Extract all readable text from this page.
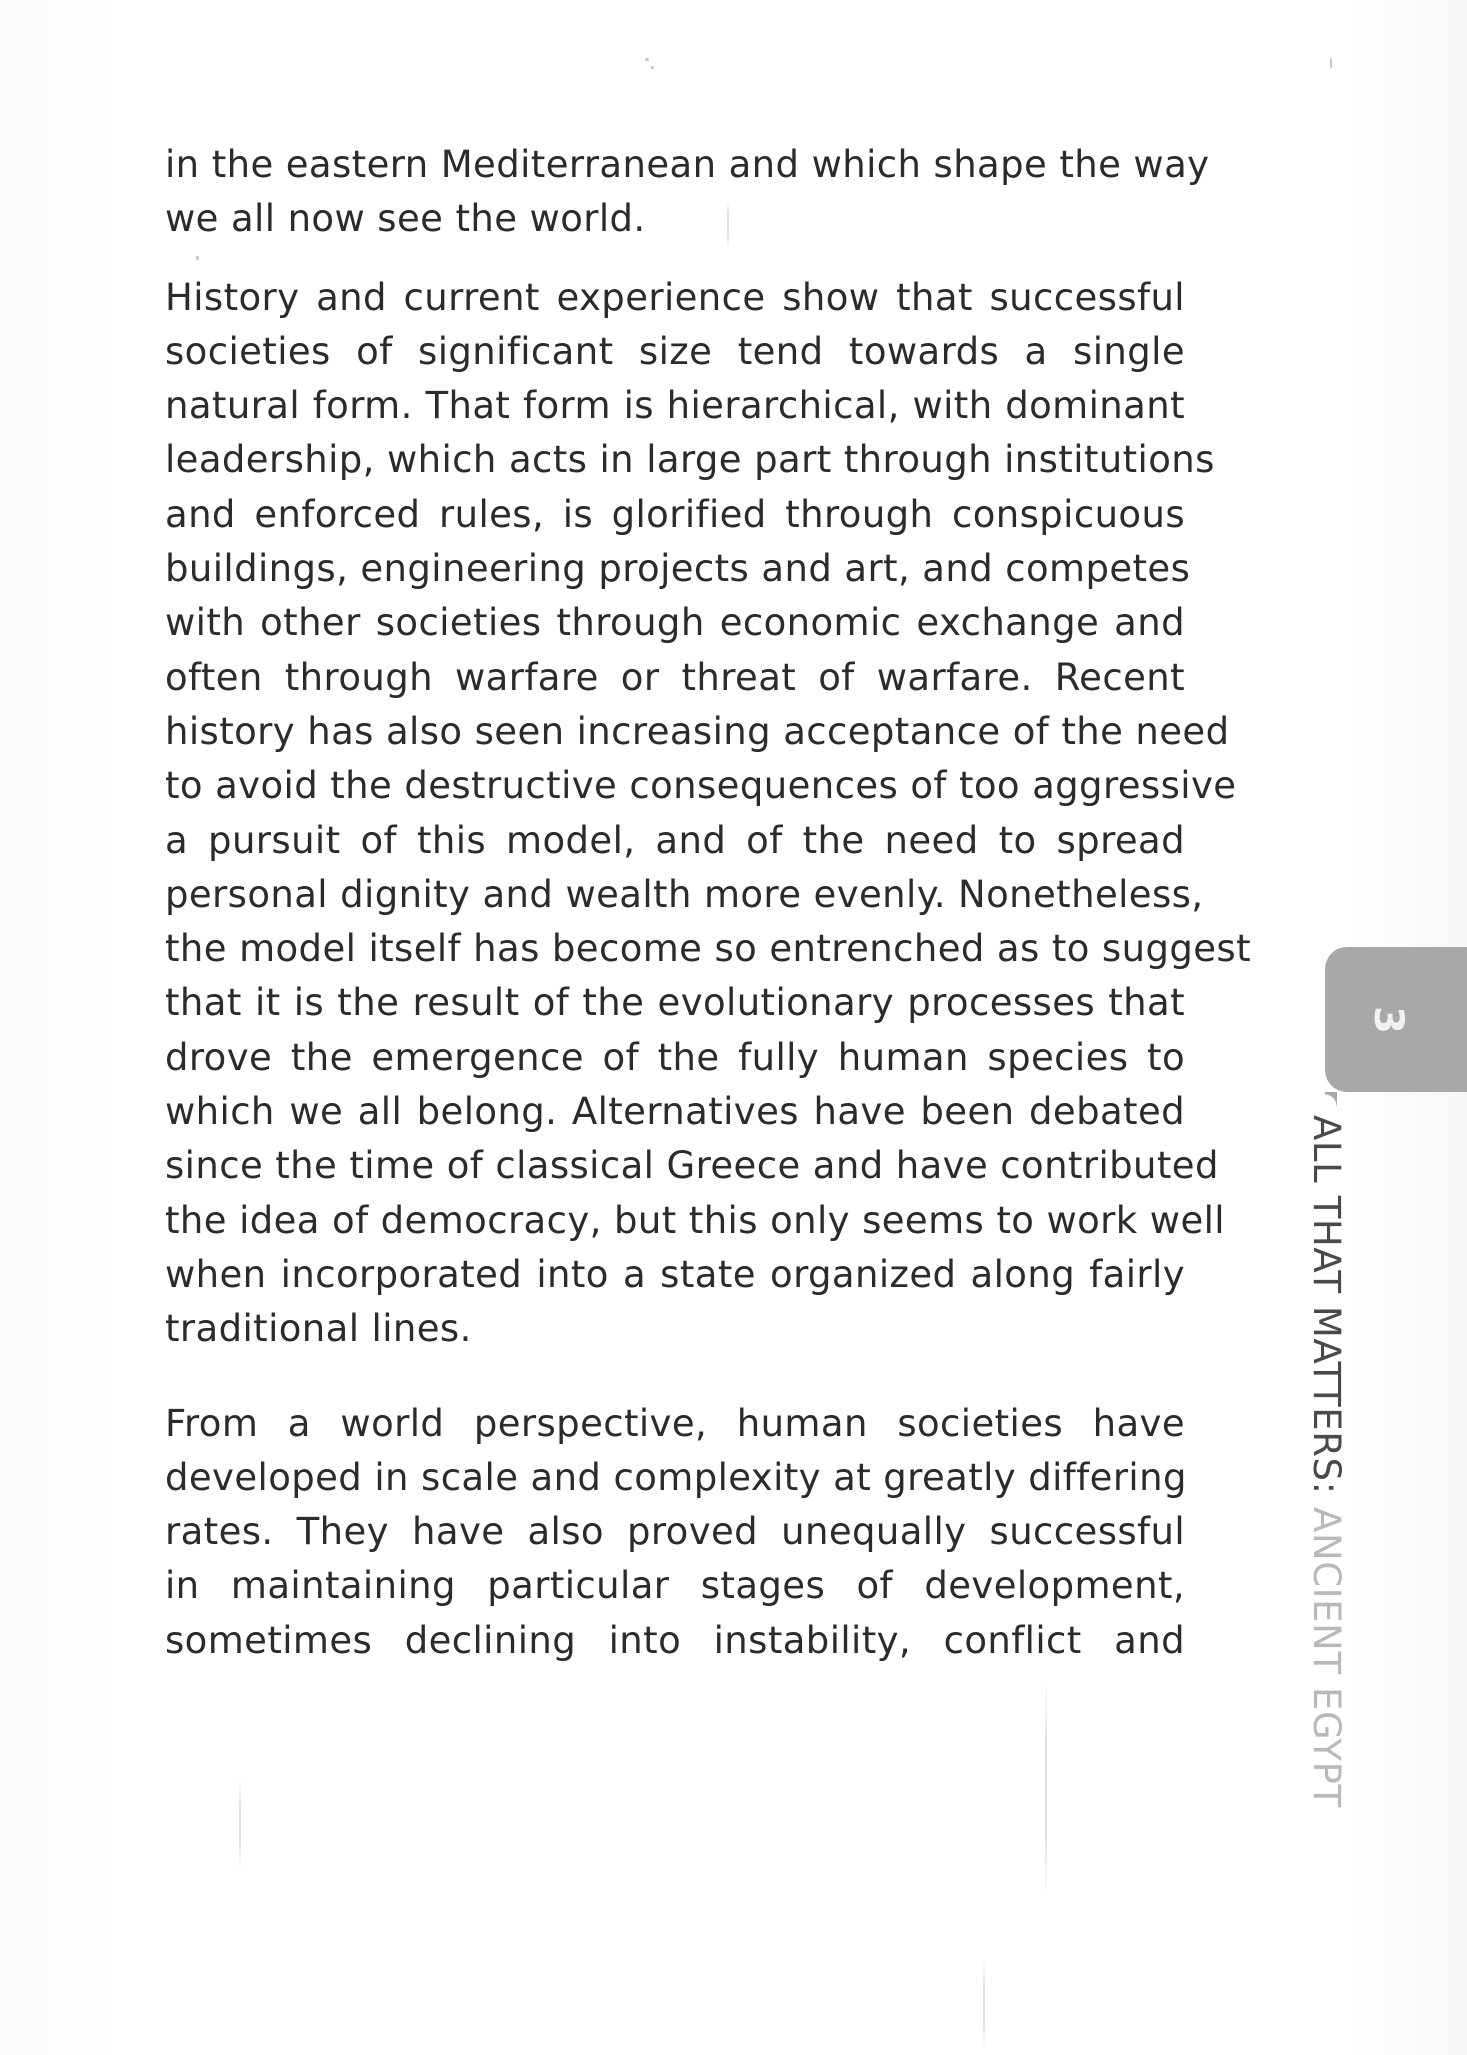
in the eastern Mediterranean and which shape the way
we all now see the world.

History and current experience show that successful
societies of significant size tend towards a single
natural form. That form is hierarchical, with dominant
leadership, which acts in large part through institutions
and enforced rules, is glorified through conspicuous
buildings, engineering projects and art, and competes
with other societies through economic exchange and
often through warfare or threat of warfare. Recent
history has also seen increasing acceptance of the need
to avoid the destructive consequences of too aggressive
a pursuit of this model, and of the need to spread
personal dignity and wealth more evenly. Nonetheless,
the model itself has become so entrenched as to suggest
that it is the result of the evolutionary processes that
drove the emergence of the fully human species to
which we all belong. Alternatives have been debated
since the time of classical Greece and have contributed
the idea of democracy, but this only seems to work well
when incorporated into a state organized along fairly
traditional lines.

From a world perspective, human societies have
developed in scale and complexity at greatly differing
rates. They have also proved unequally successful
in maintaining particular stages of development,
sometimes declining into instability, conflict and

3
ALL THAT MATTERS: ANCIENT EGYPT
